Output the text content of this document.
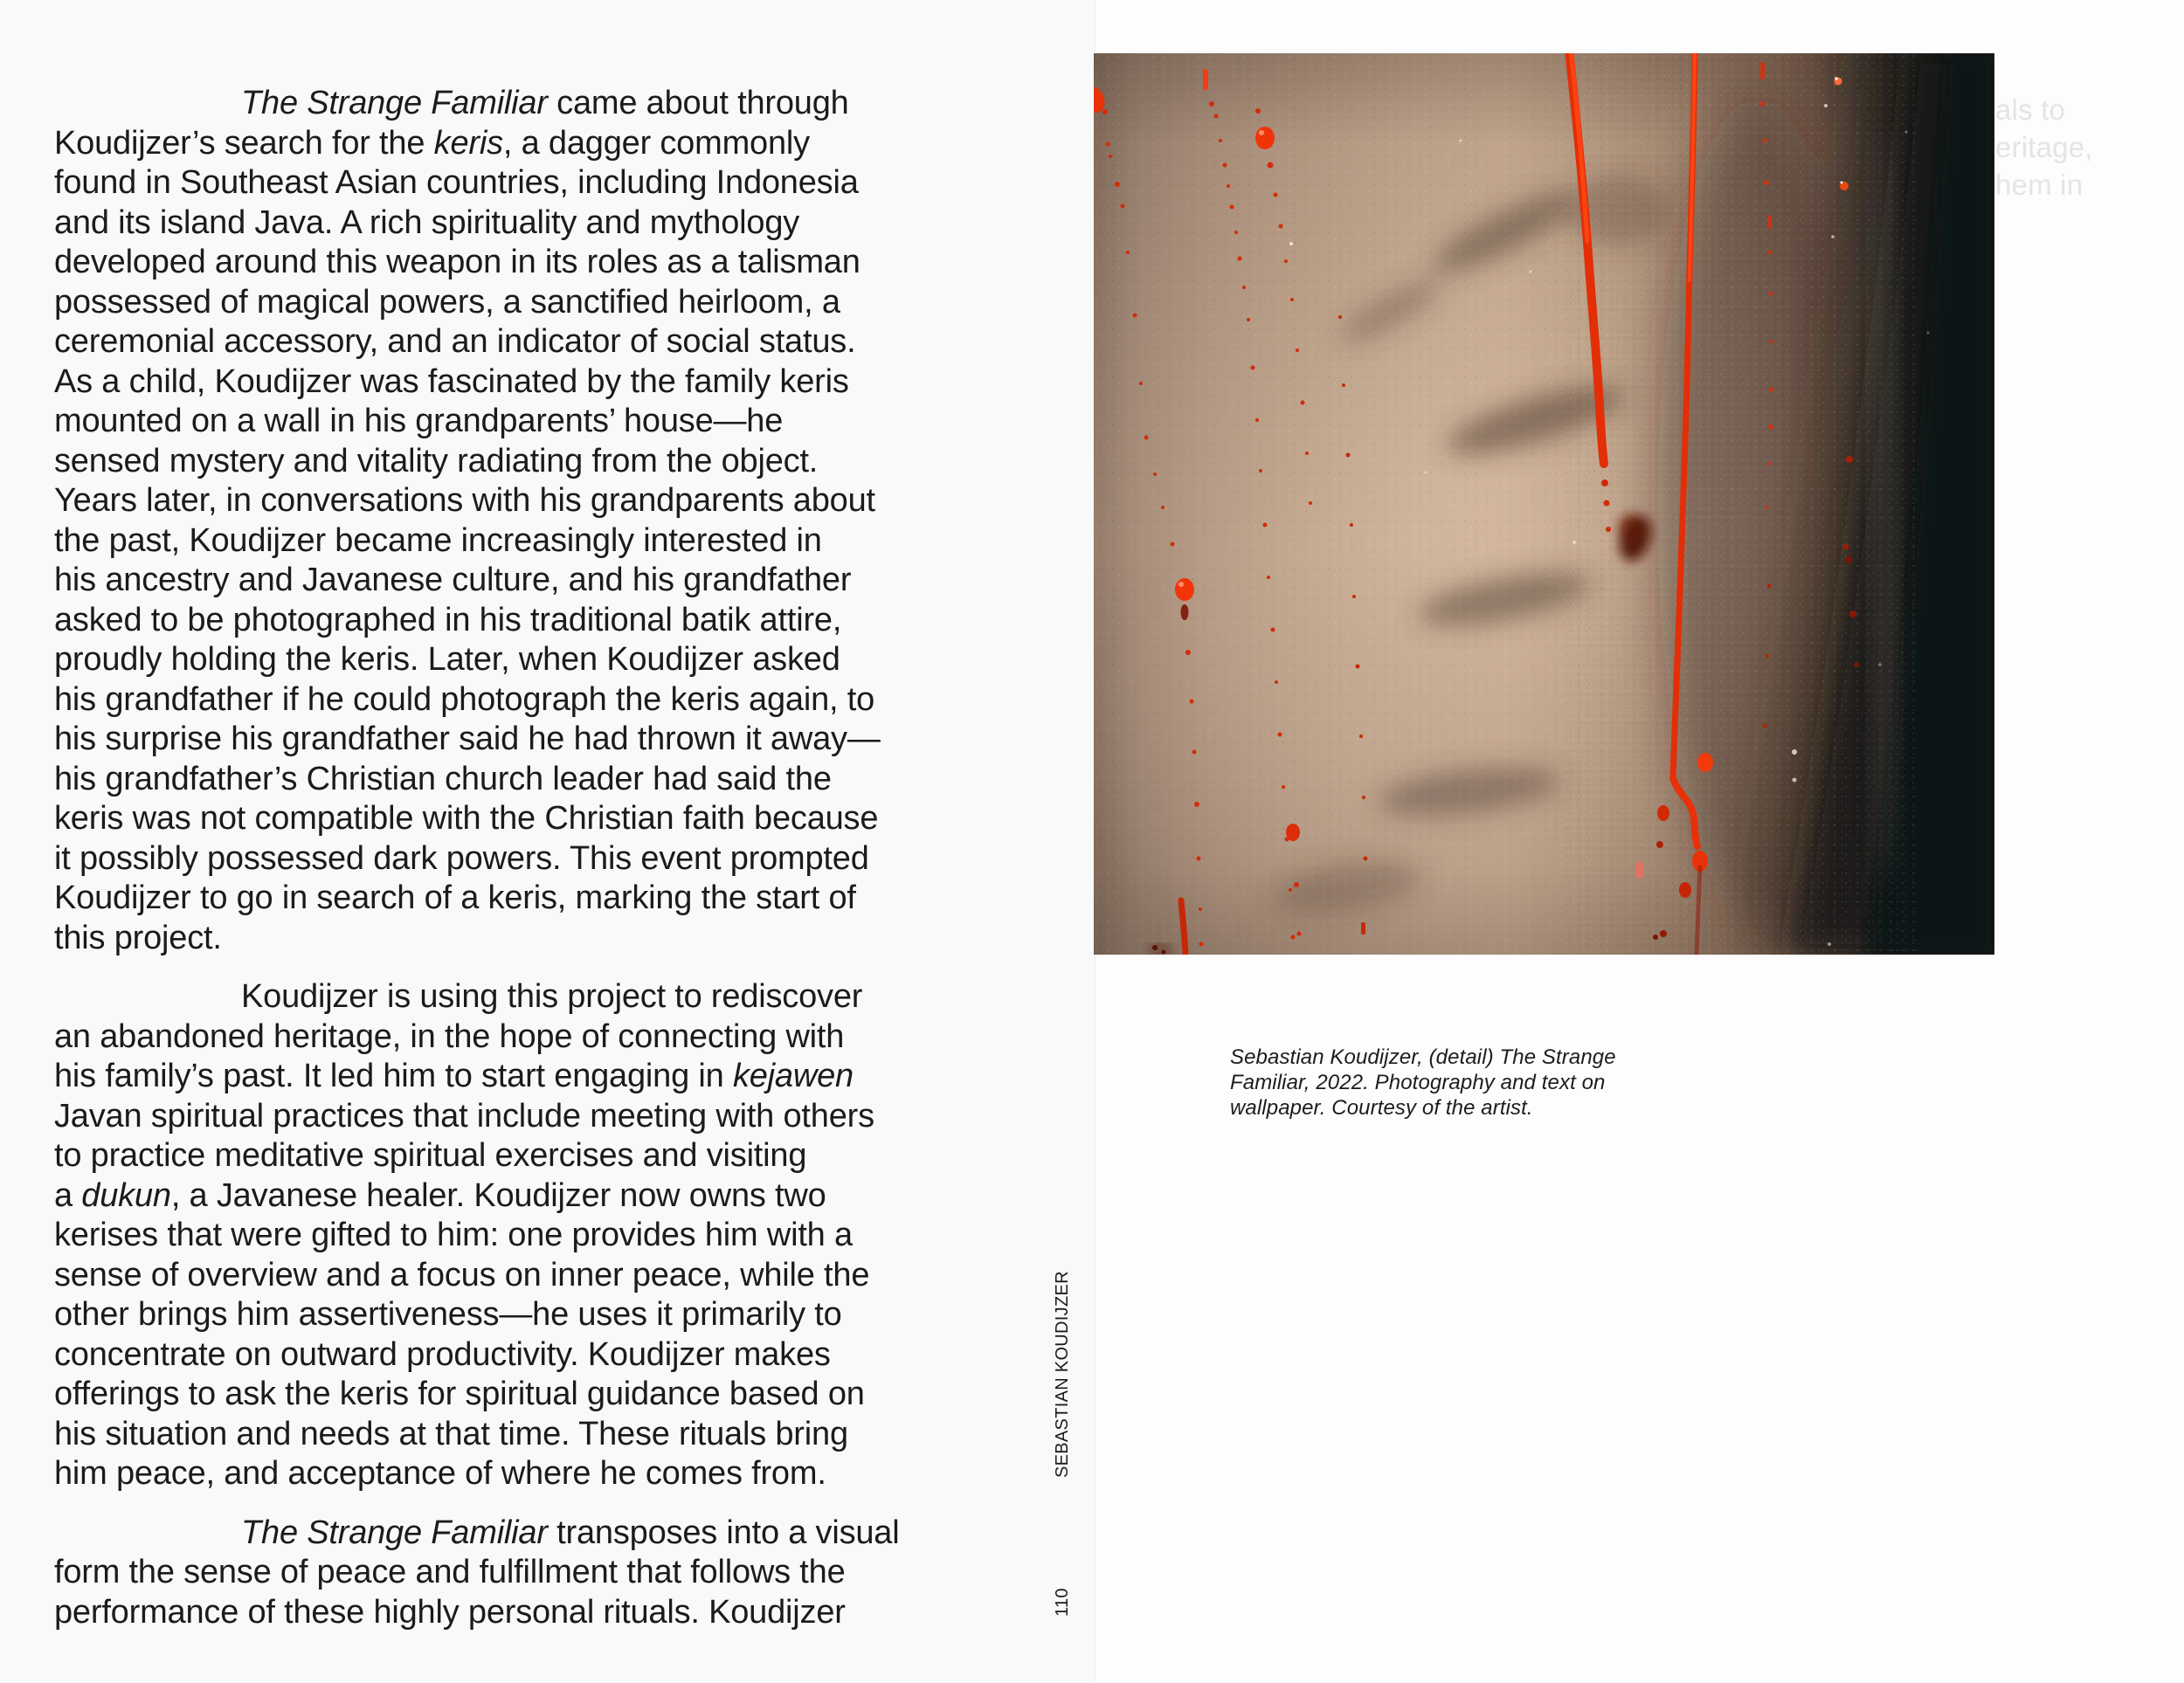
The Strange Familiar came about through
Koudijzer’s search for the keris, a dagger commonly
found in Southeast Asian countries, including Indonesia
and its island Java. A rich spirituality and mythology
developed around this weapon in its roles as a talisman
possessed of magical powers, a sanctified heirloom, a
ceremonial accessory, and an indicator of social status.
As a child, Koudijzer was fascinated by the family keris
mounted on a wall in his grandparents’ house—he
sensed mystery and vitality radiating from the object.
Years later, in conversations with his grandparents about
the past, Koudijzer became increasingly interested in
his ancestry and Javanese culture, and his grandfather
asked to be photographed in his traditional batik attire,
proudly holding the keris. Later, when Koudijzer asked
his grandfather if he could photograph the keris again, to
his surprise his grandfather said he had thrown it away—
his grandfather’s Christian church leader had said the
keris was not compatible with the Christian faith because
it possibly possessed dark powers. This event prompted
Koudijzer to go in search of a keris, marking the start of
this project.
Koudijzer is using this project to rediscover
an abandoned heritage, in the hope of connecting with
his family’s past. It led him to start engaging in kejawen
Javan spiritual practices that include meeting with others
to practice meditative spiritual exercises and visiting
a dukun, a Javanese healer. Koudijzer now owns two
kerises that were gifted to him: one provides him with a
sense of overview and a focus on inner peace, while the
other brings him assertiveness—he uses it primarily to
concentrate on outward productivity. Koudijzer makes
offerings to ask the keris for spiritual guidance based on
his situation and needs at that time. These rituals bring
him peace, and acceptance of where he comes from.
The Strange Familiar transposes into a visual
form the sense of peace and fulfillment that follows the
performance of these highly personal rituals. Koudijzer
als to
eritage,
hem in
Sebastian Koudijzer, (detail) The Strange
Familiar, 2022. Photography and text on
wallpaper. Courtesy of the artist.
SEBASTIAN KOUDIJZER
110
